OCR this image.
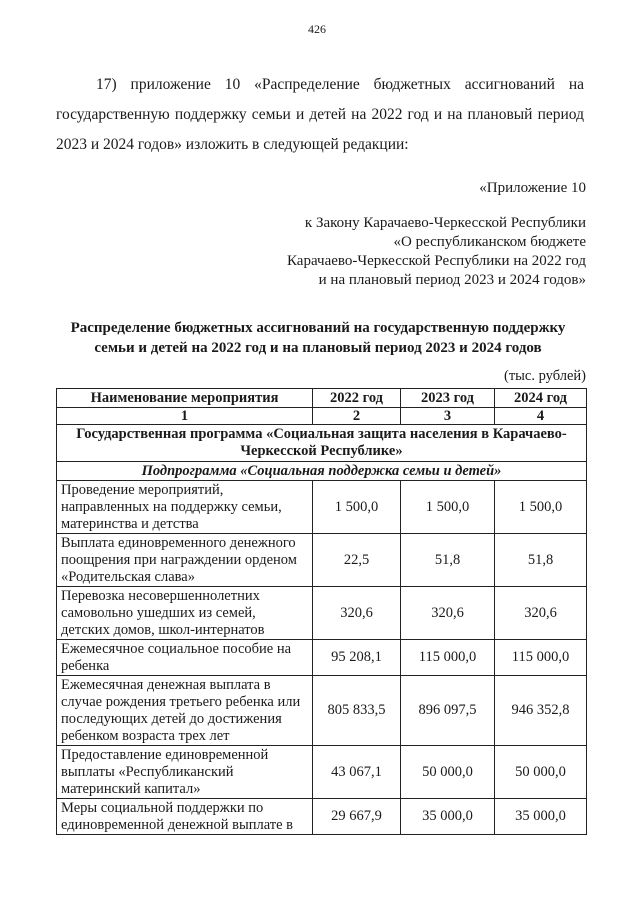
426

17) приложение 10 «Распределение бюджетных ассигнований на государственную поддержку семьи и детей на 2022 год и на плановый период 2023 и 2024 годов» изложить в следующей редакции:

«Приложение 10
к Закону Карачаево-Черкесской Республики
«О республиканском бюджете
Карачаево-Черкесской Республики на 2022 год
и на плановый период 2023 и 2024 годов»
Распределение бюджетных ассигнований на государственную поддержку семьи и детей на 2022 год и на плановый период 2023 и 2024 годов
(тыс. рублей)
Наименование мероприятия	2022 год	2023 год	2024 год
1	2	3	4
Государственная программа «Социальная защита населения в Карачаево-Черкесской Республике»			
Подпрограмма «Социальная поддержка семьи и детей»			
Проведение мероприятий, направленных на поддержку семьи, материнства и детства	1 500,0	1 500,0	1 500,0
Выплата единовременного денежного поощрения при награждении орденом «Родительская слава»	22,5	51,8	51,8
Перевозка несовершеннолетних самовольно ушедших из семей, детских домов, школ-интернатов	320,6	320,6	320,6
Ежемесячное социальное пособие на ребенка	95 208,1	115 000,0	115 000,0
Ежемесячная денежная выплата в случае рождения третьего ребенка или последующих детей до достижения ребенком возраста трех лет	805 833,5	896 097,5	946 352,8
Предоставление единовременной выплаты «Республиканский материнский капитал»	43 067,1	50 000,0	50 000,0
Меры социальной поддержки по единовременной денежной выплате в	29 667,9	35 000,0	35 000,0
